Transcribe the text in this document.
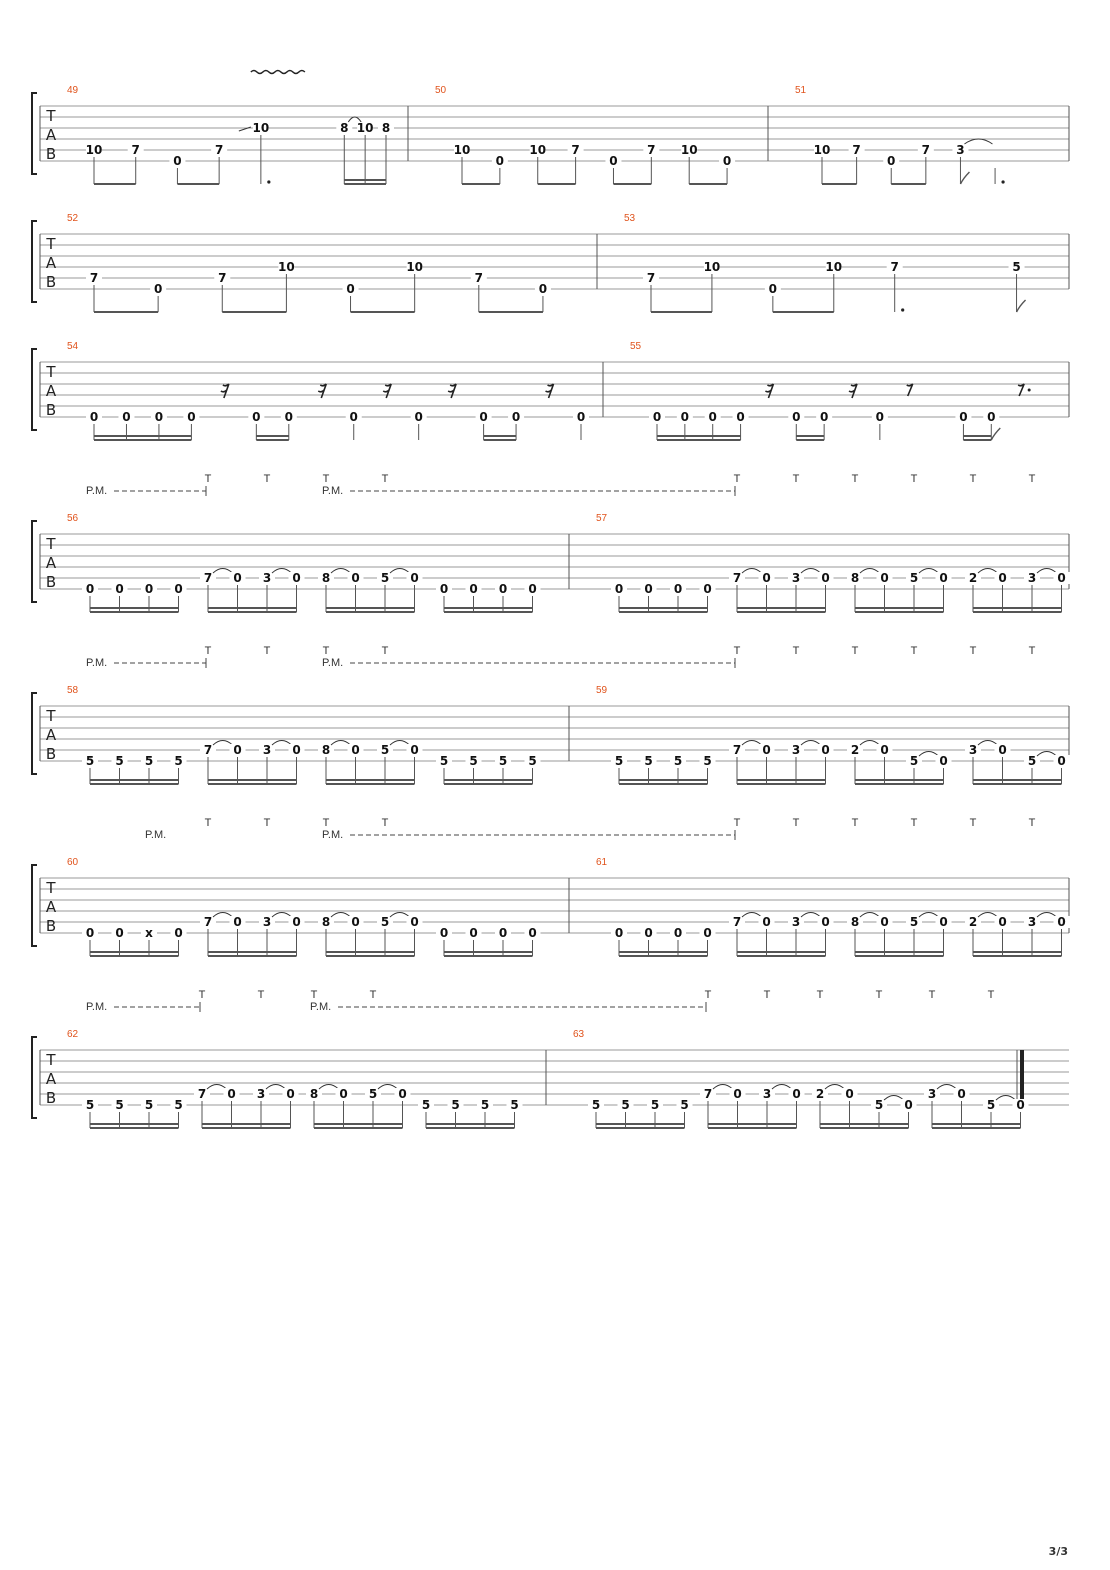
T
A
B
49
10 7
0
7
10	8 10 8
50
10
0
10 7
0
7 10
0
51
10 7
0
7 3
T
A
B
52
7
0
7
10
0
10
7
0
53
7
10
0
10	7	5
T
A
B
54
0 0 0 0	0 0	0	0	0 0	0
55
0 0 0 0	0 0	0	0 0
T
A
B
56
0 0 0 0
7 0 3 0 8 0 5 0
0 0 0 0
57
0 0 0 0
7 0 3 0 8 0 5 0 2 0 3 0
T	T	T	T	T	T	T	T	T	T
P.M.	P.M.
T
A
B
58
5 5 5 5
7 0 3 0 8 0 5 0
5 5 5 5
59
5 5 5 5
7 0 3 0 2 0
5 0
3 0
5 0
T	T	T	T	T	T	T	T	T	T
P.M.	P.M.
T
A
B
60
0 0 x 0
7 0 3 0 8 0 5 0
0 0 0 0
61
0 0 0 0
7 0 3 0 8 0 5 0 2 0 3 0
T	T	T	T	T	T	T	T	T	T
P.M.	P.M.
T
A
B
62
5 5 5 5
7 0 3 0 8 0 5 0
5 5 5 5
63
5 5 5 5
7 0 3 0 2 0
5 0
3 0
5 0
T	T	T	T	T	T	T	T	T	T
P.M.	P.M.
3/3
